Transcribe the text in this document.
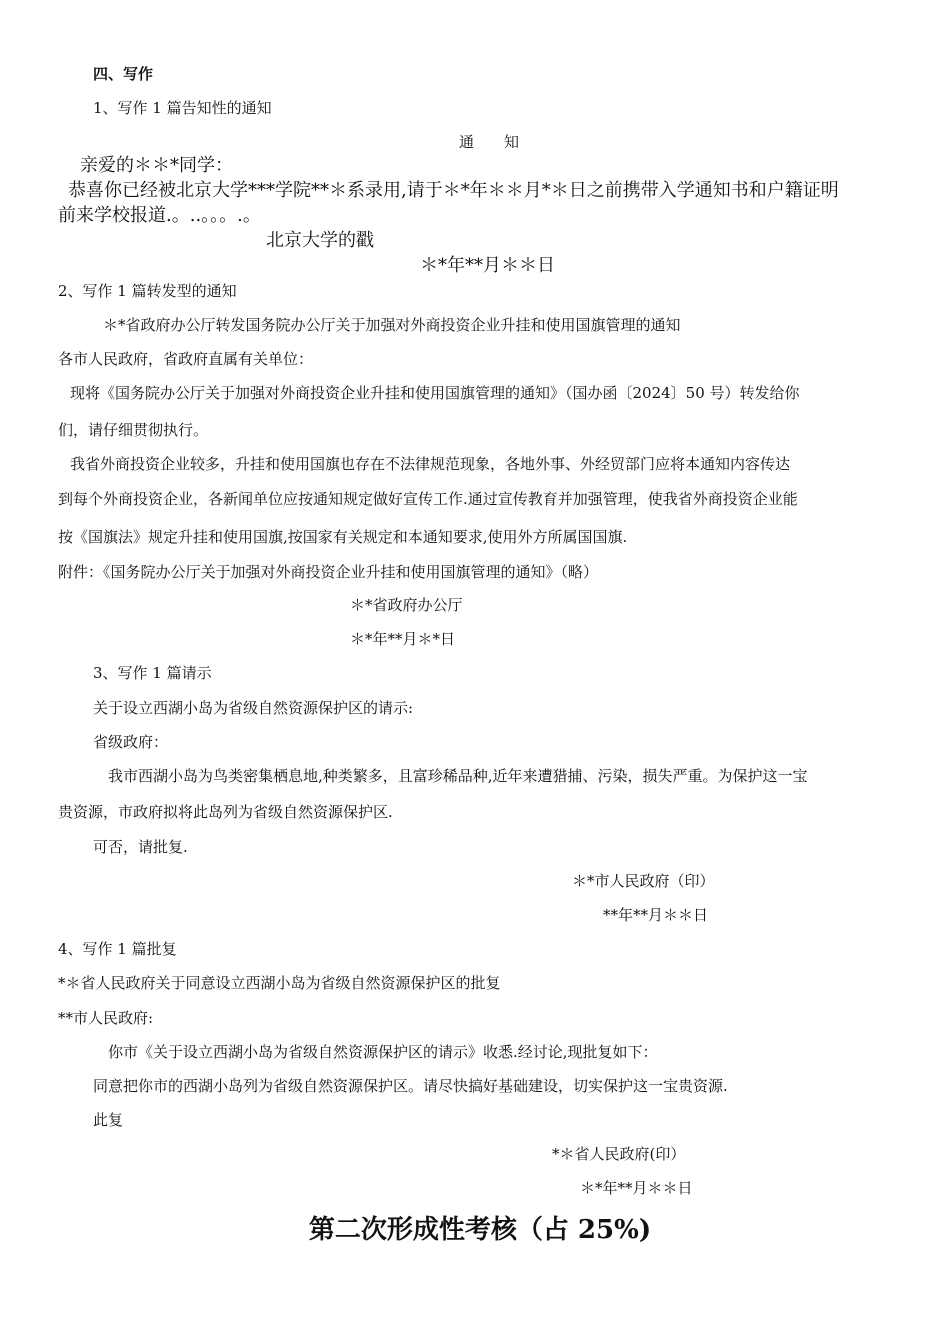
四、写作
1、写作 1 篇告知性的通知
通　　知
亲爱的＊＊*同学：
恭喜你已经被北京大学***学院**＊系录用,请于＊*年＊＊月*＊日之前携带入学通知书和户籍证明
前来学校报道.。..。。。.。
北京大学的戳
＊*年**月＊＊日
2、写作 1 篇转发型的通知
＊*省政府办公厅转发国务院办公厅关于加强对外商投资企业升挂和使用国旗管理的通知
各市人民政府，省政府直属有关单位：
现将《国务院办公厅关于加强对外商投资企业升挂和使用国旗管理的通知》（国办函〔2024〕50 号）转发给你
们，请仔细贯彻执行。
我省外商投资企业较多，升挂和使用国旗也存在不法律规范现象，各地外事、外经贸部门应将本通知内容传达
到每个外商投资企业，各新闻单位应按通知规定做好宣传工作.通过宣传教育并加强管理，使我省外商投资企业能
按《国旗法》规定升挂和使用国旗,按国家有关规定和本通知要求,使用外方所属国国旗.
附件：《国务院办公厅关于加强对外商投资企业升挂和使用国旗管理的通知》（略）
＊*省政府办公厅
＊*年**月＊*日
3、写作 1 篇请示
关于设立西湖小岛为省级自然资源保护区的请示:
省级政府：
我市西湖小岛为鸟类密集栖息地,种类繁多，且富珍稀品种,近年来遭猎捕、污染，损失严重。为保护这一宝
贵资源，市政府拟将此岛列为省级自然资源保护区.
可否，请批复.
＊*市人民政府（印）
**年**月＊＊日
4、写作 1 篇批复
*＊省人民政府关于同意设立西湖小岛为省级自然资源保护区的批复
**市人民政府:
你市《关于设立西湖小岛为省级自然资源保护区的请示》收悉.经讨论,现批复如下：
同意把你市的西湖小岛列为省级自然资源保护区。请尽快搞好基础建设，切实保护这一宝贵资源.
此复
*＊省人民政府(印）
＊*年**月＊＊日
第二次形成性考核（占 25%)
